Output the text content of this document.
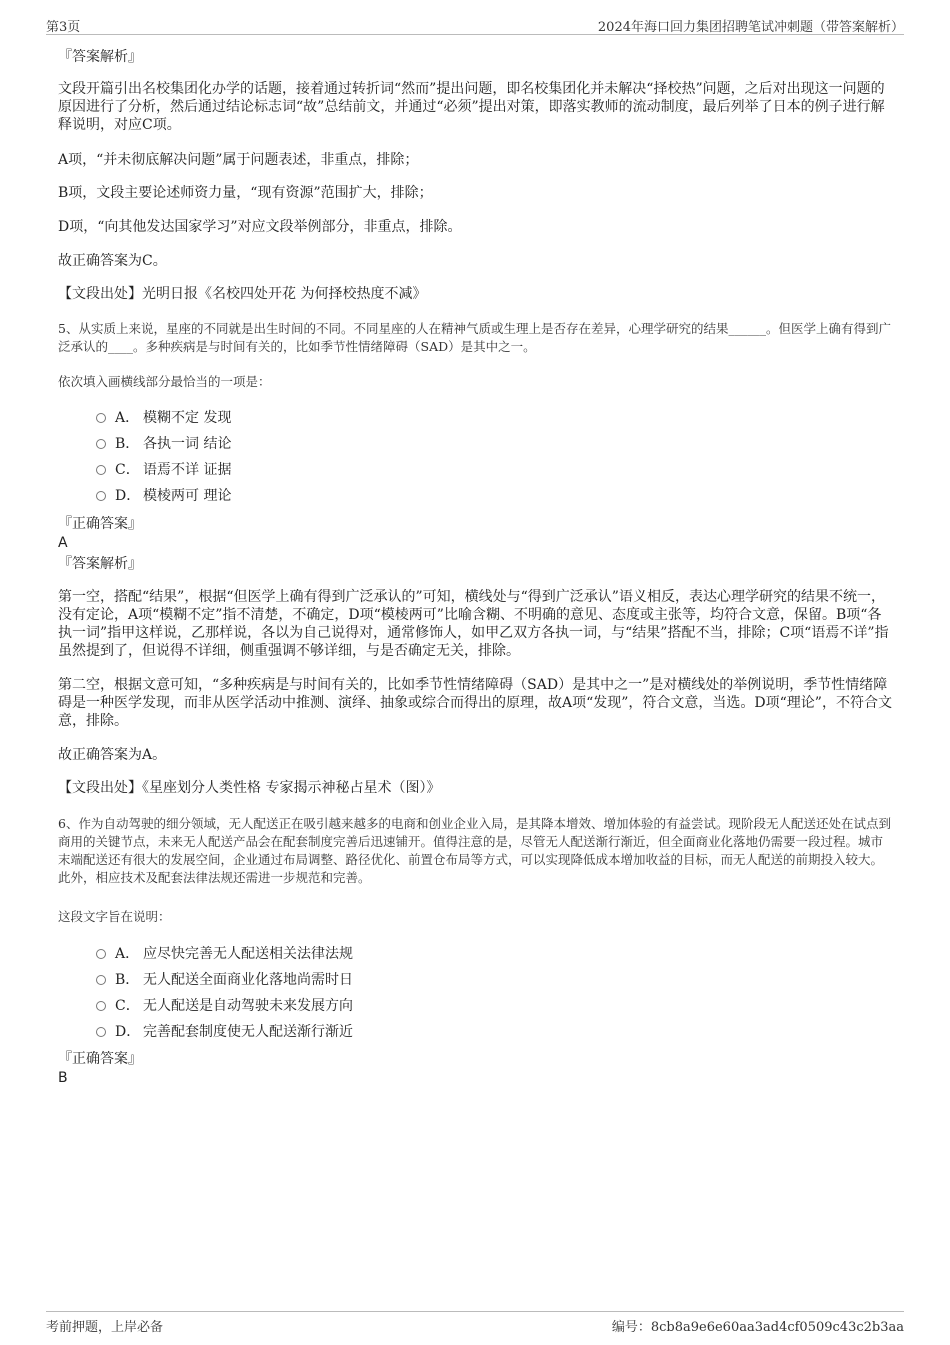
第3页	2024年海口回力集团招聘笔试冲刺题（带答案解析）

『答案解析』

文段开篇引出名校集团化办学的话题，接着通过转折词“然而”提出问题，即名校集团化并未解决“择校热”问题，之后对出现这一问题的原因进行了分析，然后通过结论标志词“故”总结前文，并通过“必须”提出对策，即落实教师的流动制度，最后列举了日本的例子进行解释说明，对应C项。

A项，“并未彻底解决问题”属于问题表述，非重点，排除；

B项，文段主要论述师资力量，“现有资源”范围扩大，排除；

D项，“向其他发达国家学习”对应文段举例部分，非重点，排除。

故正确答案为C。

【文段出处】光明日报《名校四处开花 为何择校热度不减》

5、从实质上来说，星座的不同就是出生时间的不同。不同星座的人在精神气质或生理上是否存在差异，心理学研究的结果______。但医学上确有得到广泛承认的____。多种疾病是与时间有关的，比如季节性情绪障碍（SAD）是其中之一。

依次填入画横线部分最恰当的一项是：

A． 模糊不定 发现
B． 各执一词 结论
C． 语焉不详 证据
D． 模棱两可 理论

『正确答案』

A

『答案解析』

第一空，搭配“结果”，根据“但医学上确有得到广泛承认的”可知，横线处与“得到广泛承认”语义相反，表达心理学研究的结果不统一，没有定论，A项“模糊不定”指不清楚，不确定，D项“模棱两可”比喻含糊、不明确的意见、态度或主张等，均符合文意，保留。B项“各执一词”指甲这样说，乙那样说，各以为自己说得对，通常修饰人，如甲乙双方各执一词，与“结果”搭配不当，排除；C项“语焉不详”指虽然提到了，但说得不详细，侧重强调不够详细，与是否确定无关，排除。

第二空，根据文意可知，“多种疾病是与时间有关的，比如季节性情绪障碍（SAD）是其中之一”是对横线处的举例说明，季节性情绪障碍是一种医学发现，而非从医学活动中推测、演绎、抽象或综合而得出的原理，故A项“发现”，符合文意，当选。D项“理论”，不符合文意，排除。

故正确答案为A。

【文段出处】《星座划分人类性格 专家揭示神秘占星术（图）》

6、作为自动驾驶的细分领域，无人配送正在吸引越来越多的电商和创业企业入局，是其降本增效、增加体验的有益尝试。现阶段无人配送还处在试点到商用的关键节点，未来无人配送产品会在配套制度完善后迅速铺开。值得注意的是，尽管无人配送渐行渐近，但全面商业化落地仍需要一段过程。城市末端配送还有很大的发展空间，企业通过布局调整、路径优化、前置仓布局等方式，可以实现降低成本增加收益的目标，而无人配送的前期投入较大。此外，相应技术及配套法律法规还需进一步规范和完善。

这段文字旨在说明：

A． 应尽快完善无人配送相关法律法规
B． 无人配送全面商业化落地尚需时日
C． 无人配送是自动驾驶未来发展方向
D． 完善配套制度使无人配送渐行渐近

『正确答案』

B

考前押题，上岸必备	编号：8cb8a9e6e60aa3ad4cf0509c43c2b3aa
